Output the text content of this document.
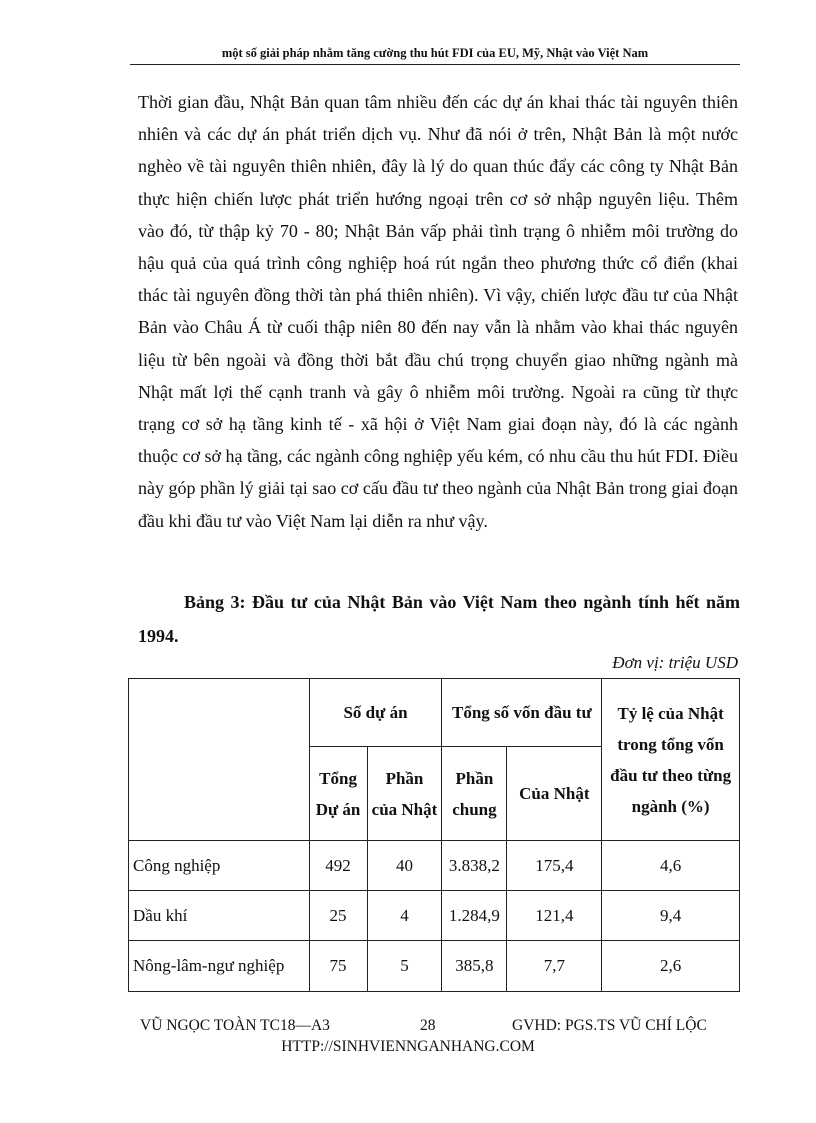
một số giải pháp nhằm tăng cường thu hút FDI của EU, Mỹ, Nhật vào Việt Nam

Thời gian đầu, Nhật Bản quan tâm nhiều đến các dự án khai thác tài nguyên thiên nhiên và các dự án phát triển dịch vụ. Như đã nói ở trên, Nhật Bản là một nước nghèo về tài nguyên thiên nhiên, đây là lý do quan thúc đẩy các công ty Nhật Bản thực hiện chiến lược phát triển hướng ngoại trên cơ sở nhập nguyên liệu. Thêm vào đó, từ thập kỷ 70 - 80; Nhật Bản vấp phải tình trạng ô nhiễm môi trường do hậu quả của quá trình công nghiệp hoá rút ngắn theo phương thức cổ điển (khai thác tài nguyên đồng thời tàn phá thiên nhiên). Vì vậy, chiến lược đầu tư của Nhật Bản vào Châu Á từ cuối thập niên 80 đến nay vẫn là nhằm vào khai thác nguyên liệu từ bên ngoài và đồng thời bắt đầu chú trọng chuyển giao những ngành mà Nhật mất lợi thế cạnh tranh và gây ô nhiễm môi trường. Ngoài ra cũng từ thực trạng cơ sở hạ tầng kinh tế - xã hội ở Việt Nam giai đoạn này, đó là các ngành thuộc cơ sở hạ tầng, các ngành công nghiệp yếu kém, có nhu cầu thu hút FDI. Điều này góp phần lý giải tại sao cơ cấu đầu tư theo ngành của Nhật Bản trong giai đoạn đầu khi đầu tư vào Việt Nam lại diễn ra như vậy.

Bảng 3: Đầu tư của Nhật Bản vào Việt Nam theo ngành tính hết năm 1994.

Đơn vị: triệu USD
	Số dự án		Tổng số vốn đầu tư		Tỷ lệ của Nhật trong tổng vốn đầu tư theo từng ngành (%)
	Tổng Dự án	Phần của Nhật	Phần chung	Của Nhật	
Công nghiệp	492	40	3.838,2	175,4	4,6
Dầu khí	25	4	1.284,9	121,4	9,4
Nông-lâm-ngư nghiệp	75	5	385,8	7,7	2,6
VŨ NGỌC TOÀN TC18—A3	28	GVHD: PGS.TS VŨ CHÍ LỘC
HTTP://SINHVIENNGANHANG.COM
